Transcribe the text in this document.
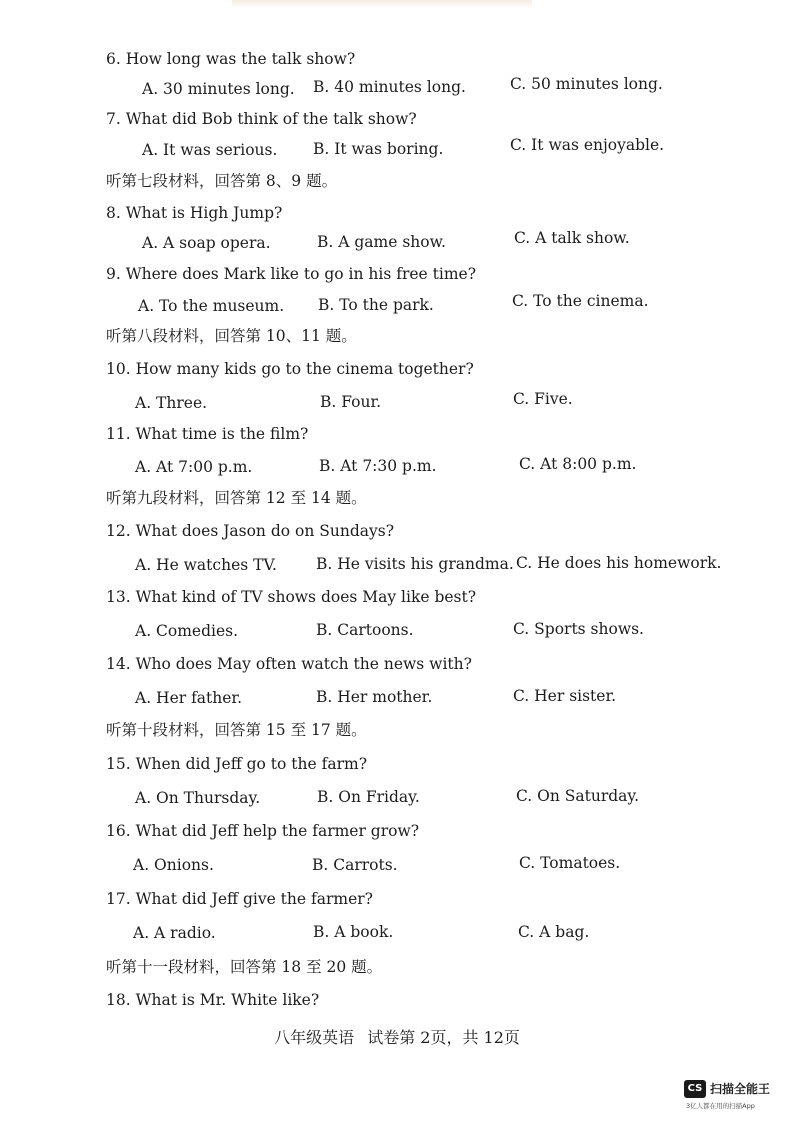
6. How long was the talk show?
A. 30 minutes long. B. 40 minutes long.	C. 50 minutes long.
7. What did Bob think of the talk show?
A. It was serious. B. It was boring.	C. It was enjoyable.
听第七段材料，回答第 8、9 题。
8. What is High Jump?
A. A soap opera.	B. A game show.	C. A talk show.
9. Where does Mark like to go in his free time?
A. To the museum. B. To the park.	C. To the cinema.
听第八段材料，回答第 10、11 题。
10. How many kids go to the cinema together?
A. Three.	B. Four.	C. Five.
11. What time is the film?
A. At 7:00 p.m.	B. At 7:30 p.m.	C. At 8:00 p.m.
听第九段材料，回答第 12 至 14 题。
12. What does Jason do on Sundays?
A. He watches TV.	B. He visits his grandma. C. He does his homework.
13. What kind of TV shows does May like best?
A. Comedies.	B. Cartoons.	C. Sports shows.
14. Who does May often watch the news with?
A. Her father.	B. Her mother.	C. Her sister.
听第十段材料，回答第 15 至 17 题。
15. When did Jeff go to the farm?
A. On Thursday.	B. On Friday.	C. On Saturday.
16. What did Jeff help the farmer grow?
A. Onions.	B. Carrots.	C. Tomatoes.
17. What did Jeff give the farmer?
A. A radio.	B. A book.	C. A bag.
听第十一段材料，回答第 18 至 20 题。
18. What is Mr. White like?
八年级英语 试卷第 2页，共 12页
CS 扫描全能王
3亿人都在用的扫描App
